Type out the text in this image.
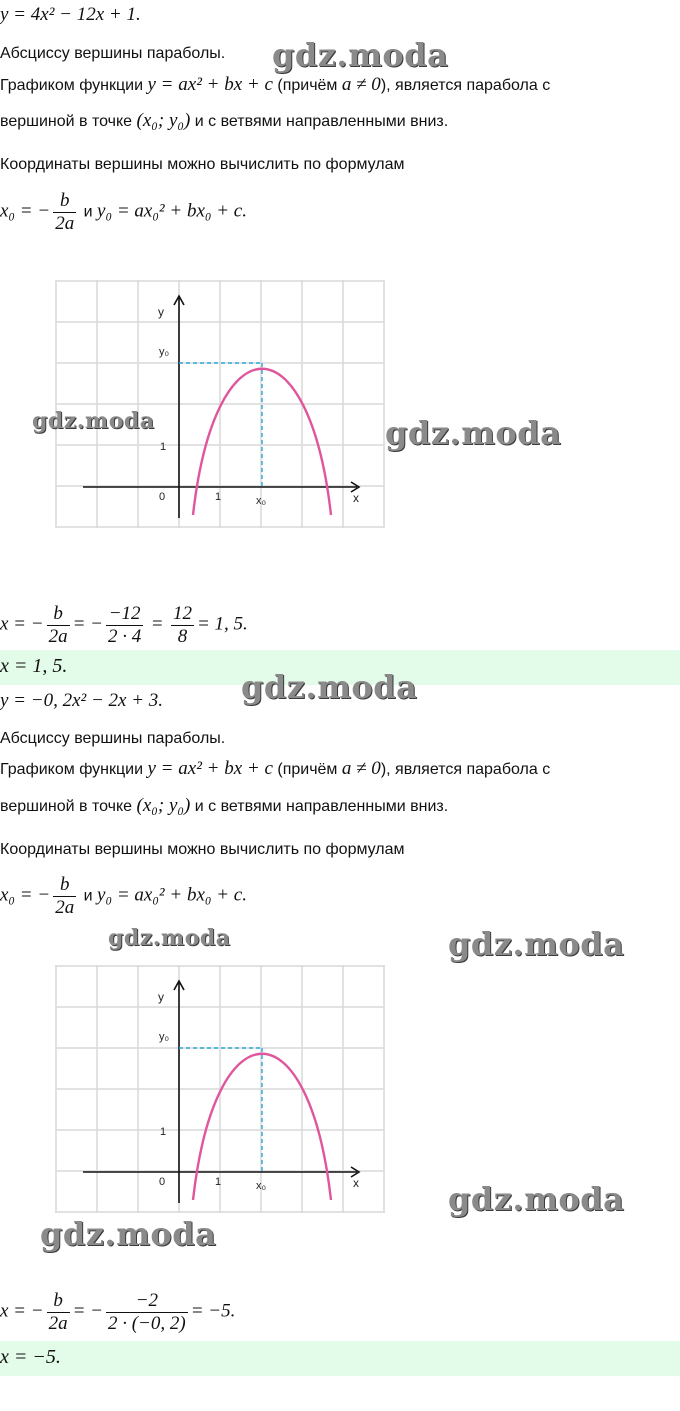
y = 4x² − 12x + 1.
Абсциссу вершины параболы.
Графиком функции y = ax² + bx + c (причём a ≠ 0), является парабола с
вершиной в точке (x₀; y₀) и с ветвями направленными вниз.
Координаты вершины можно вычислить по формулам
x₀ = − $\frac{b}{2a}$ и y₀ = ax₀² + bx₀ + c.
y
x
y₀
1
0	1	x₀
gdz.moda	gdz.moda
gdz.moda
x = − $\frac{b}{2a}$ = − $\frac{-12}{2 \cdot 4} = \frac{12}{8} = 1$, 5.
x = 1, 5.
y = −0, 2x² − 2x + 3. gdz.moda
Абсциссу вершины параболы.
Графиком функции y = ax² + bx + c (причём a ≠ 0), является парабола с
вершиной в точке (x₀; y₀) и с ветвями направленными вниз.
Координаты вершины можно вычислить по формулам
x₀ = − $\frac{b}{2a}$ и y₀ = ax₀² + bx₀ + c.
gdz.moda	gdz.moda
y
x
y₀
1
0	1	x₀	gdz.moda
gdz.moda
x = − $\frac{b}{2a}$ = − $\frac{-2}{2 \cdot (-0, 2)} = -5$.
x = −5.
